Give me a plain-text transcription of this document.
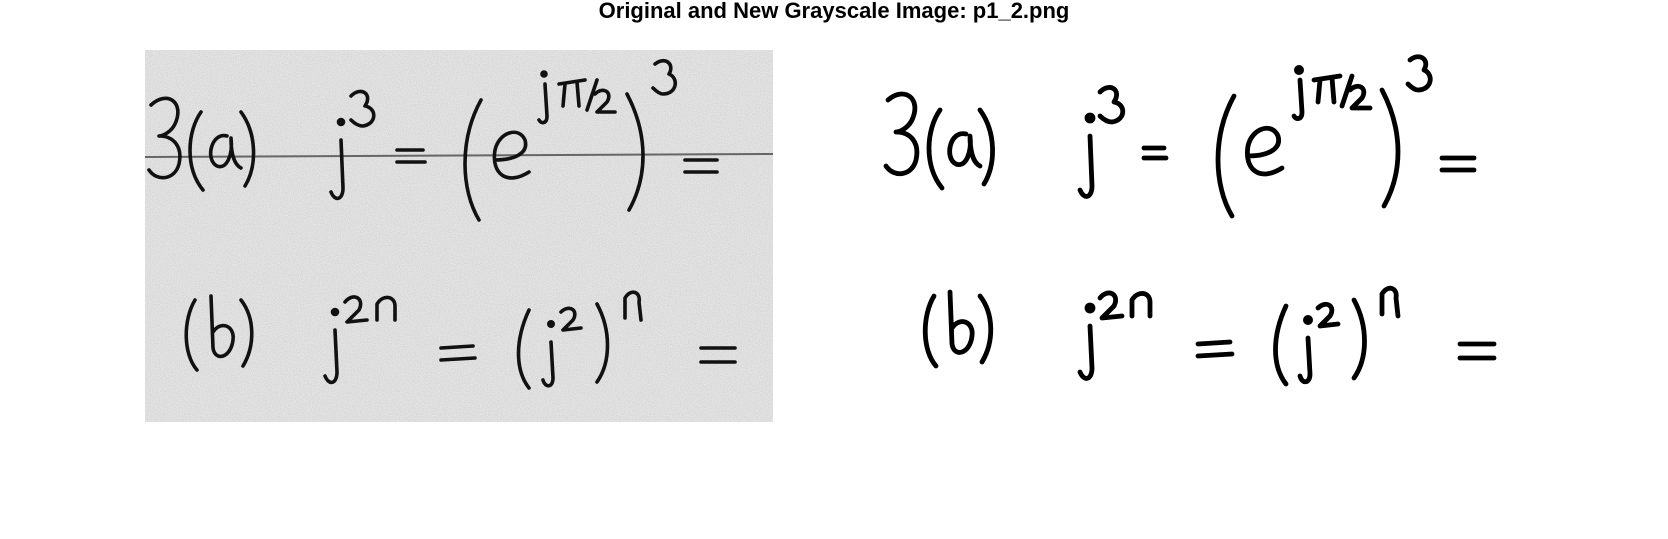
Original and New Grayscale Image: p1_2.png
